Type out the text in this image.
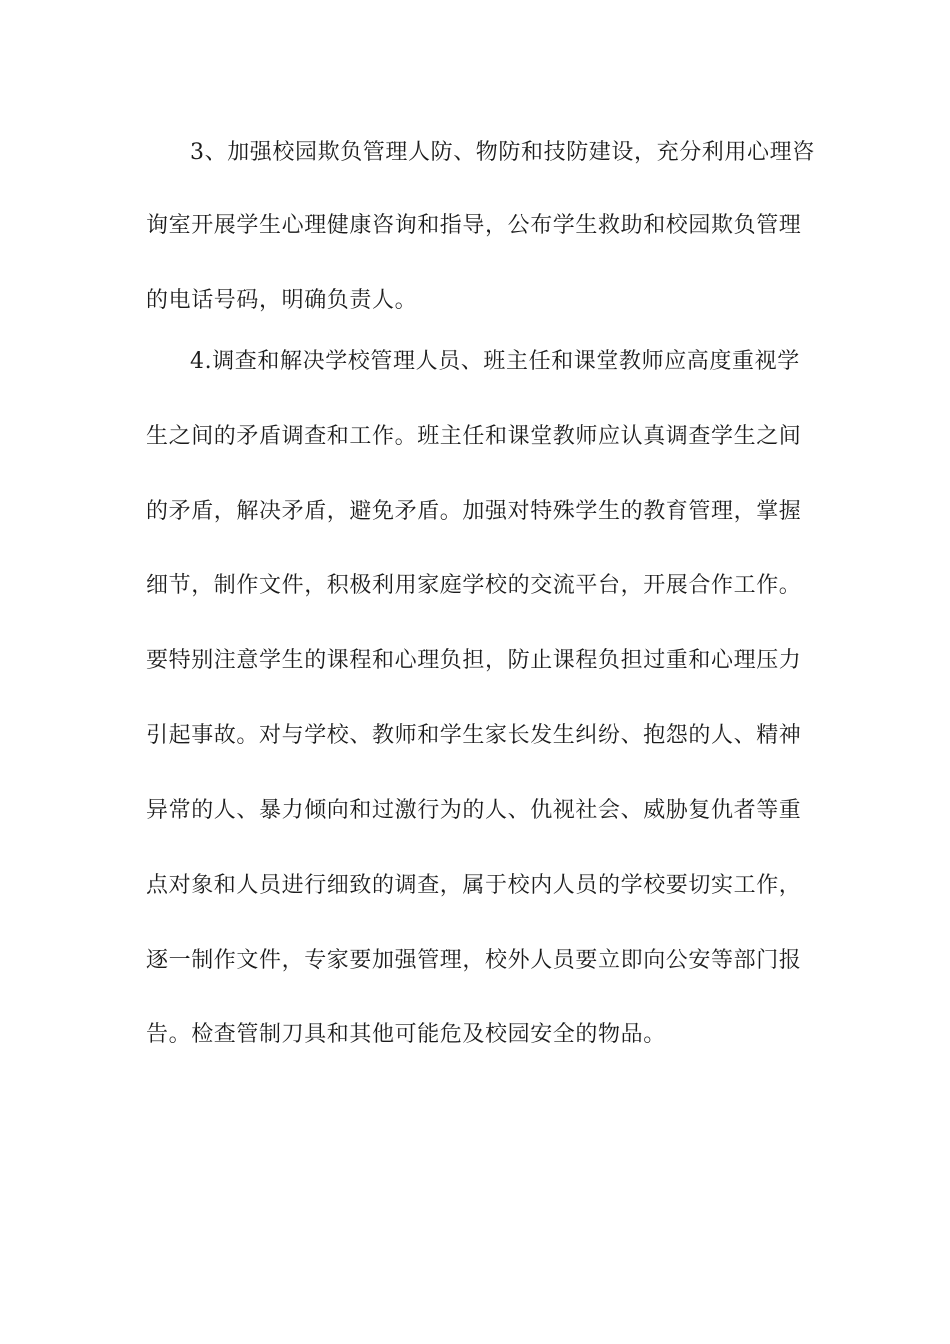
3、加强校园欺负管理人防、物防和技防建设，充分利用心理咨
询室开展学生心理健康咨询和指导，公布学生救助和校园欺负管理
的电话号码，明确负责人。
4.调查和解决学校管理人员、班主任和课堂教师应高度重视学
生之间的矛盾调查和工作。班主任和课堂教师应认真调查学生之间
的矛盾，解决矛盾，避免矛盾。加强对特殊学生的教育管理，掌握
细节，制作文件，积极利用家庭学校的交流平台，开展合作工作。
要特别注意学生的课程和心理负担，防止课程负担过重和心理压力
引起事故。对与学校、教师和学生家长发生纠纷、抱怨的人、精神
异常的人、暴力倾向和过激行为的人、仇视社会、威胁复仇者等重
点对象和人员进行细致的调查，属于校内人员的学校要切实工作，
逐一制作文件，专家要加强管理，校外人员要立即向公安等部门报
告。检查管制刀具和其他可能危及校园安全的物品。
